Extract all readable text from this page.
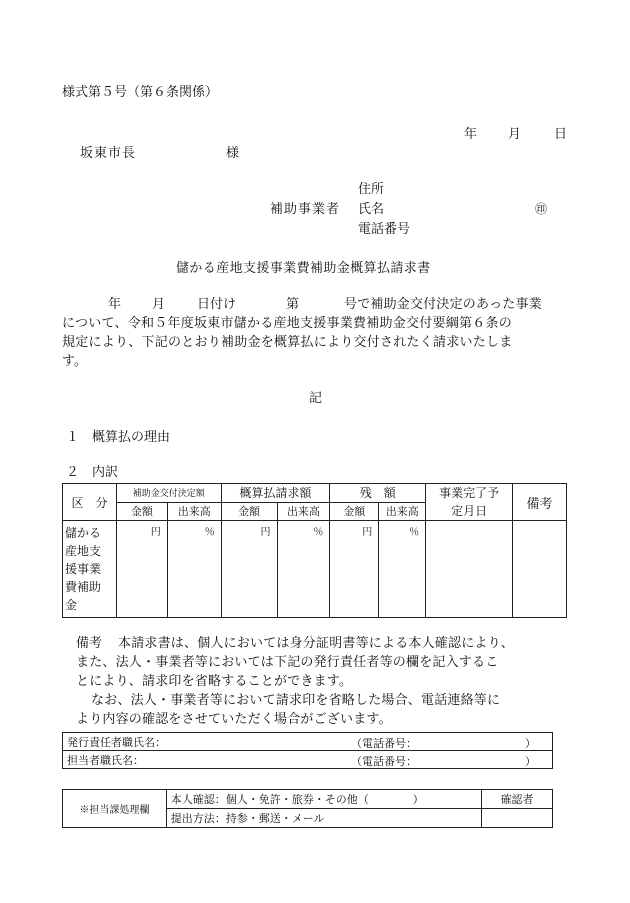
様式第５号（第６条関係）
年 月	日
坂東市長	様
住所
補助事業者 氏名	㊞
電話番号
儲かる産地支援事業費補助金概算払請求書
年 月 日付け	第	号で補助金交付決定のあった事業
について、令和５年度坂東市儲かる産地支援事業費補助金交付要綱第６条の
規定により、下記のとおり補助金を概算払により交付されたく請求いたしま
す。
記
１ 概算払の理由
２ 内訳
区　分	補助金交付決定額		概算払請求額		残　額		事業完了予定月日	備考
	金額	出来高	金額	出来高	金額	出来高		

儲かる
産地支
援事業
費補助
金	円	％	円	％	円	％		
備考 本請求書は、個人においては身分証明書等による本人確認により、
また、法人・事業者等においては下記の発行責任者等の欄を記入するこ
とにより、請求印を省略することができます。
なお、法人・事業者等において請求印を省略した場合、電話連絡等に
より内容の確認をさせていただく場合がございます。
発行責任者職氏名：	（電話番号：	）

担当者職氏名：	（電話番号：	）
※担当課処理欄	本人確認：個人・免許・旅券・その他（　　　　）	確認者
	提出方法：持参・郵送・メール	
